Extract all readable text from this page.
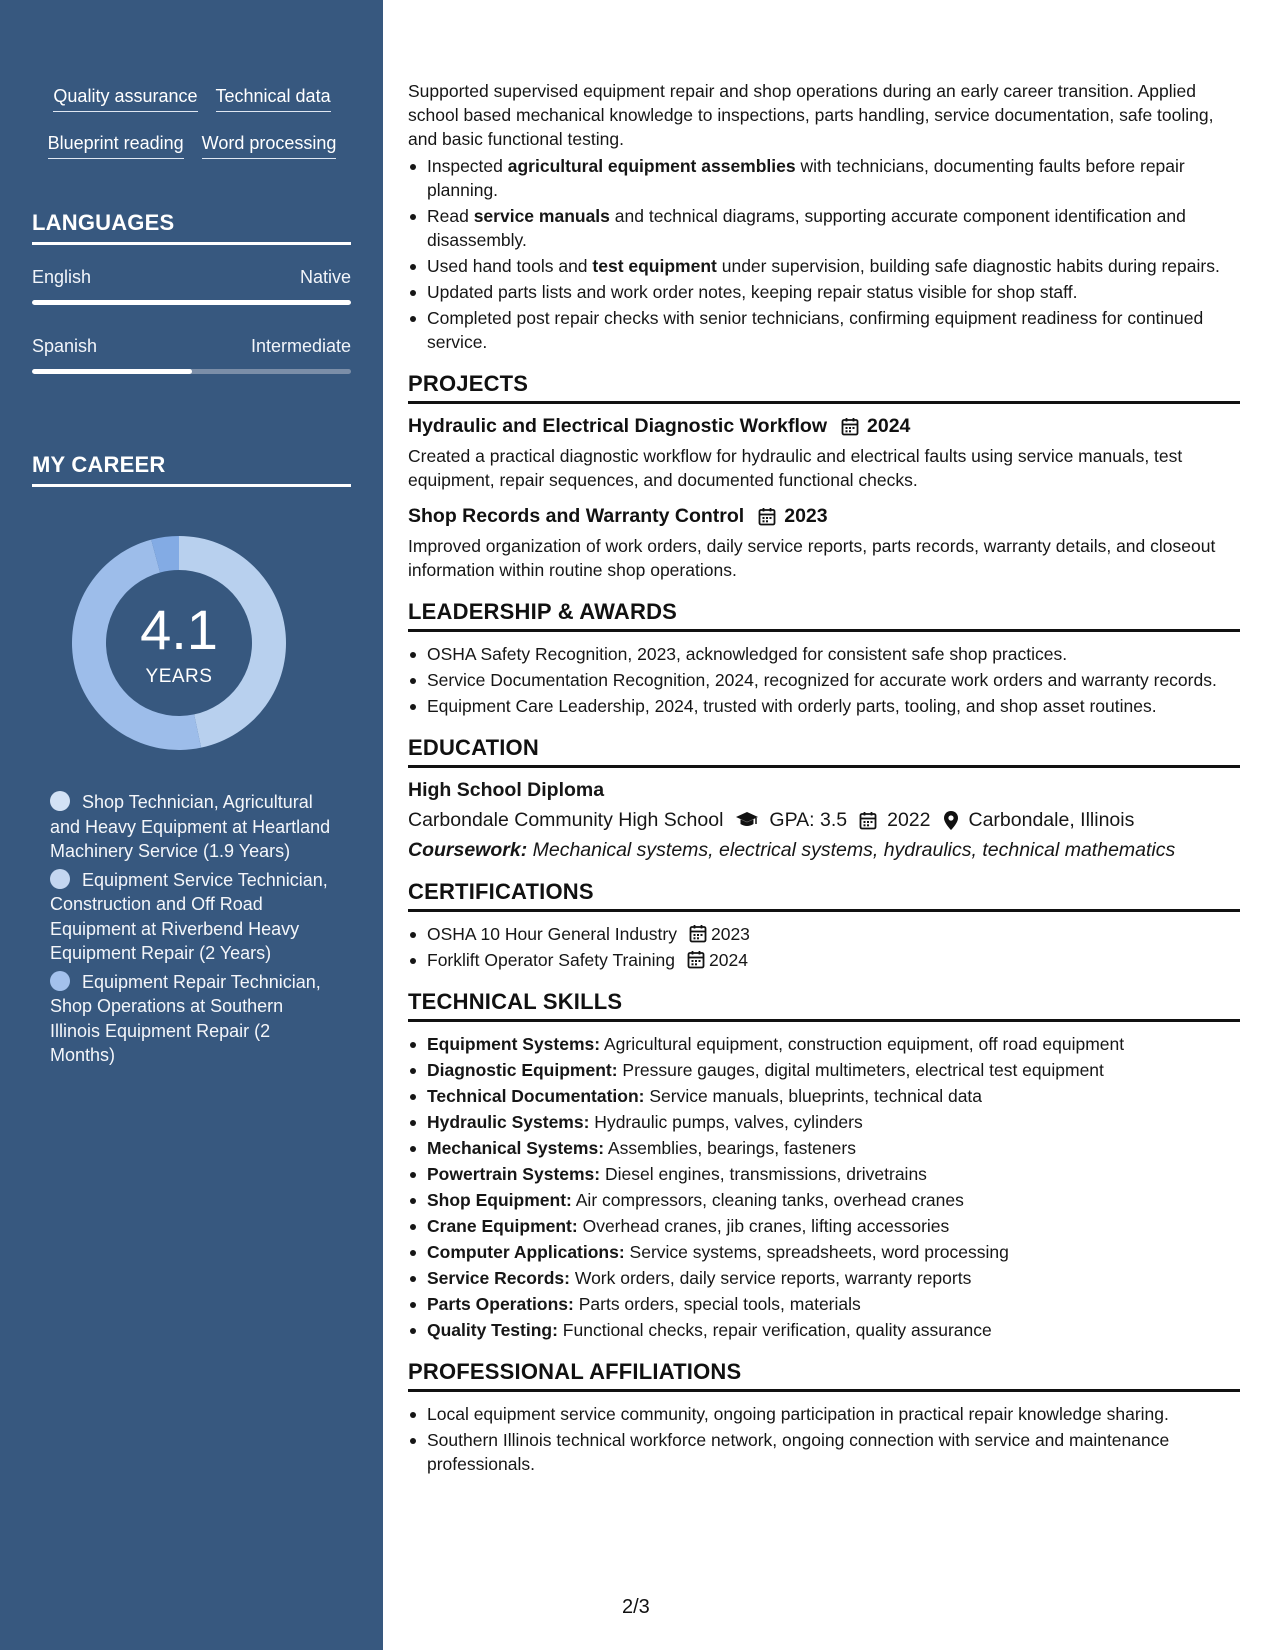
Quality assurance Technical data
Blueprint reading Word processing
LANGUAGES
English	Native
Spanish	Intermediate
MY CAREER
4.1
YEARS
Shop Technician, Agricultural and Heavy Equipment at Heartland Machinery Service (1.9 Years)
Equipment Service Technician, Construction and Off Road Equipment at Riverbend Heavy Equipment Repair (2 Years)
Equipment Repair Technician, Shop Operations at Southern Illinois Equipment Repair (2 Months)
Supported supervised equipment repair and shop operations during an early career transition. Applied school based mechanical knowledge to inspections, parts handling, service documentation, safe tooling, and basic functional testing.
Inspected agricultural equipment assemblies with technicians, documenting faults before repair planning.
Read service manuals and technical diagrams, supporting accurate component identification and disassembly.
Used hand tools and test equipment under supervision, building safe diagnostic habits during repairs.
Updated parts lists and work order notes, keeping repair status visible for shop staff.
Completed post repair checks with senior technicians, confirming equipment readiness for continued service.
PROJECTS
Hydraulic and Electrical Diagnostic Workflow 2024
Created a practical diagnostic workflow for hydraulic and electrical faults using service manuals, test equipment, repair sequences, and documented functional checks.
Shop Records and Warranty Control 2023
Improved organization of work orders, daily service reports, parts records, warranty details, and closeout information within routine shop operations.
LEADERSHIP & AWARDS
OSHA Safety Recognition, 2023, acknowledged for consistent safe shop practices.
Service Documentation Recognition, 2024, recognized for accurate work orders and warranty records.
Equipment Care Leadership, 2024, trusted with orderly parts, tooling, and shop asset routines.
EDUCATION
High School Diploma
Carbondale Community High School GPA: 3.5 2022 Carbondale, Illinois
Coursework: Mechanical systems, electrical systems, hydraulics, technical mathematics
CERTIFICATIONS
OSHA 10 Hour General Industry 2023
Forklift Operator Safety Training 2024
TECHNICAL SKILLS
Equipment Systems: Agricultural equipment, construction equipment, off road equipment
Diagnostic Equipment: Pressure gauges, digital multimeters, electrical test equipment
Technical Documentation: Service manuals, blueprints, technical data
Hydraulic Systems: Hydraulic pumps, valves, cylinders
Mechanical Systems: Assemblies, bearings, fasteners
Powertrain Systems: Diesel engines, transmissions, drivetrains
Shop Equipment: Air compressors, cleaning tanks, overhead cranes
Crane Equipment: Overhead cranes, jib cranes, lifting accessories
Computer Applications: Service systems, spreadsheets, word processing
Service Records: Work orders, daily service reports, warranty reports
Parts Operations: Parts orders, special tools, materials
Quality Testing: Functional checks, repair verification, quality assurance
PROFESSIONAL AFFILIATIONS
Local equipment service community, ongoing participation in practical repair knowledge sharing.
Southern Illinois technical workforce network, ongoing connection with service and maintenance professionals.
2/3
